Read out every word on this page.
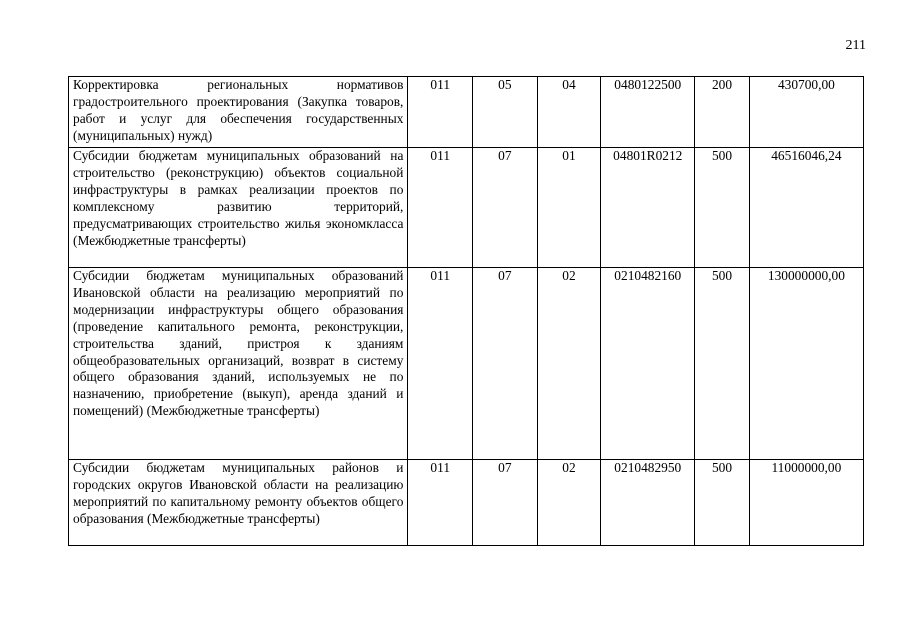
211
Корректировка региональных нормативов градостроительного проектирования (Закупка товаров, работ и услуг для обеспечения государственных (муниципальных) нужд)	011	05	04	0480122500	200	430700,00
Субсидии бюджетам муниципальных образований на строительство (реконструкцию) объектов социальной инфраструктуры в рамках реализации проектов по комплексному развитию территорий, предусматривающих строительство жилья экономкласса (Межбюджетные трансферты)	011	07	01	04801R0212	500	46516046,24
Субсидии бюджетам муниципальных образований Ивановской области на реализацию мероприятий по модернизации инфраструктуры общего образования (проведение капитального ремонта, реконструкции, строительства зданий, пристроя к зданиям общеобразовательных организаций, возврат в систему общего образования зданий, используемых не по назначению, приобретение (выкуп), аренда зданий и помещений) (Межбюджетные трансферты)	011	07	02	0210482160	500	130000000,00
Субсидии бюджетам муниципальных районов и городских округов Ивановской области на реализацию мероприятий по капитальному ремонту объектов общего образования (Межбюджетные трансферты)	011	07	02	0210482950	500	11000000,00
